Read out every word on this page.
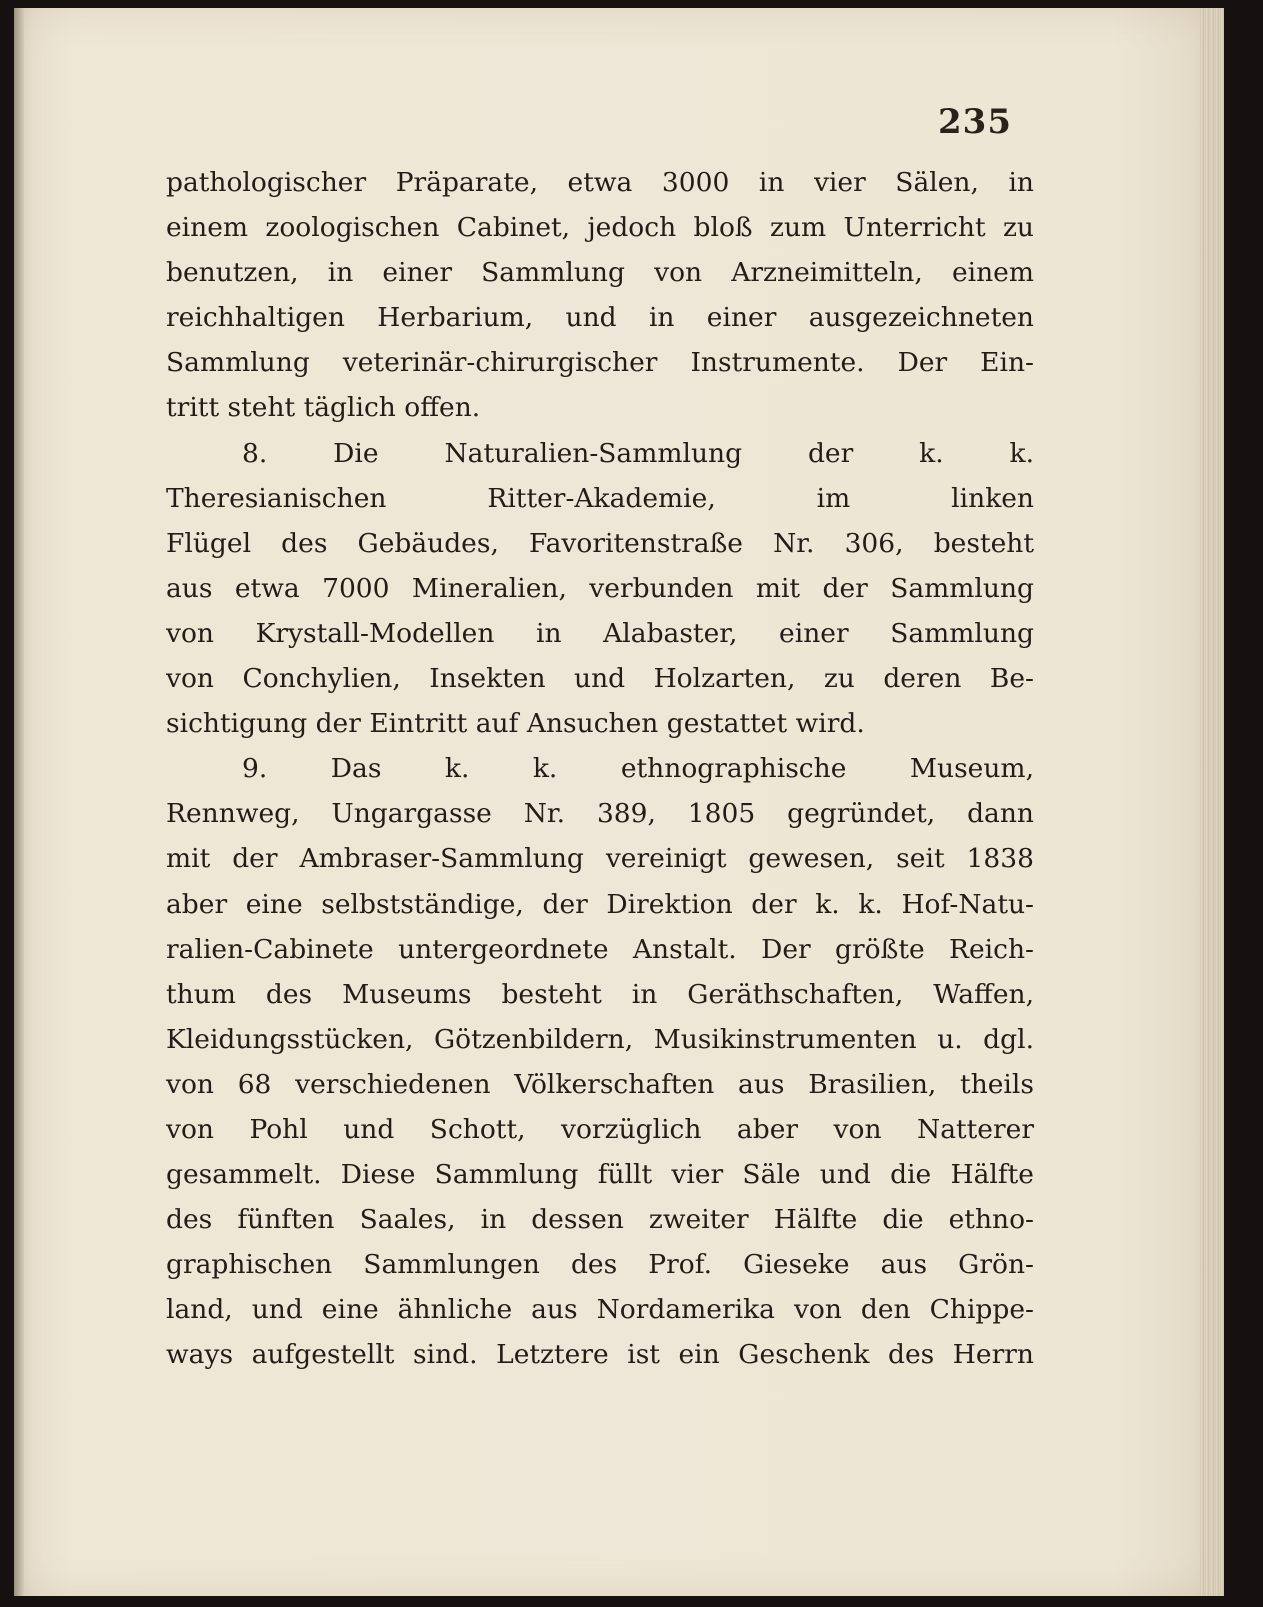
235
pathologischer Präparate, etwa 3000 in vier Sälen, in
einem zoologischen Cabinet, jedoch bloß zum Unterricht zu
benutzen, in einer Sammlung von Arzneimitteln, einem
reichhaltigen Herbarium, und in einer ausgezeichneten
Sammlung veterinär-chirurgischer Instrumente. Der Ein-
tritt steht täglich offen.
8. Die Naturalien-Sammlung der k. k.
Theresianischen Ritter-Akademie, im linken
Flügel des Gebäudes, Favoritenstraße Nr. 306, besteht
aus etwa 7000 Mineralien, verbunden mit der Sammlung
von Krystall-Modellen in Alabaster, einer Sammlung
von Conchylien, Insekten und Holzarten, zu deren Be-
sichtigung der Eintritt auf Ansuchen gestattet wird.
9. Das k. k. ethnographische Museum,
Rennweg, Ungargasse Nr. 389, 1805 gegründet, dann
mit der Ambraser-Sammlung vereinigt gewesen, seit 1838
aber eine selbstständige, der Direktion der k. k. Hof-Natu-
ralien-Cabinete untergeordnete Anstalt. Der größte Reich-
thum des Museums besteht in Geräthschaften, Waffen,
Kleidungsstücken, Götzenbildern, Musikinstrumenten u. dgl.
von 68 verschiedenen Völkerschaften aus Brasilien, theils
von Pohl und Schott, vorzüglich aber von Natterer
gesammelt. Diese Sammlung füllt vier Säle und die Hälfte
des fünften Saales, in dessen zweiter Hälfte die ethno-
graphischen Sammlungen des Prof. Gieseke aus Grön-
land, und eine ähnliche aus Nordamerika von den Chippe-
ways aufgestellt sind. Letztere ist ein Geschenk des Herrn
